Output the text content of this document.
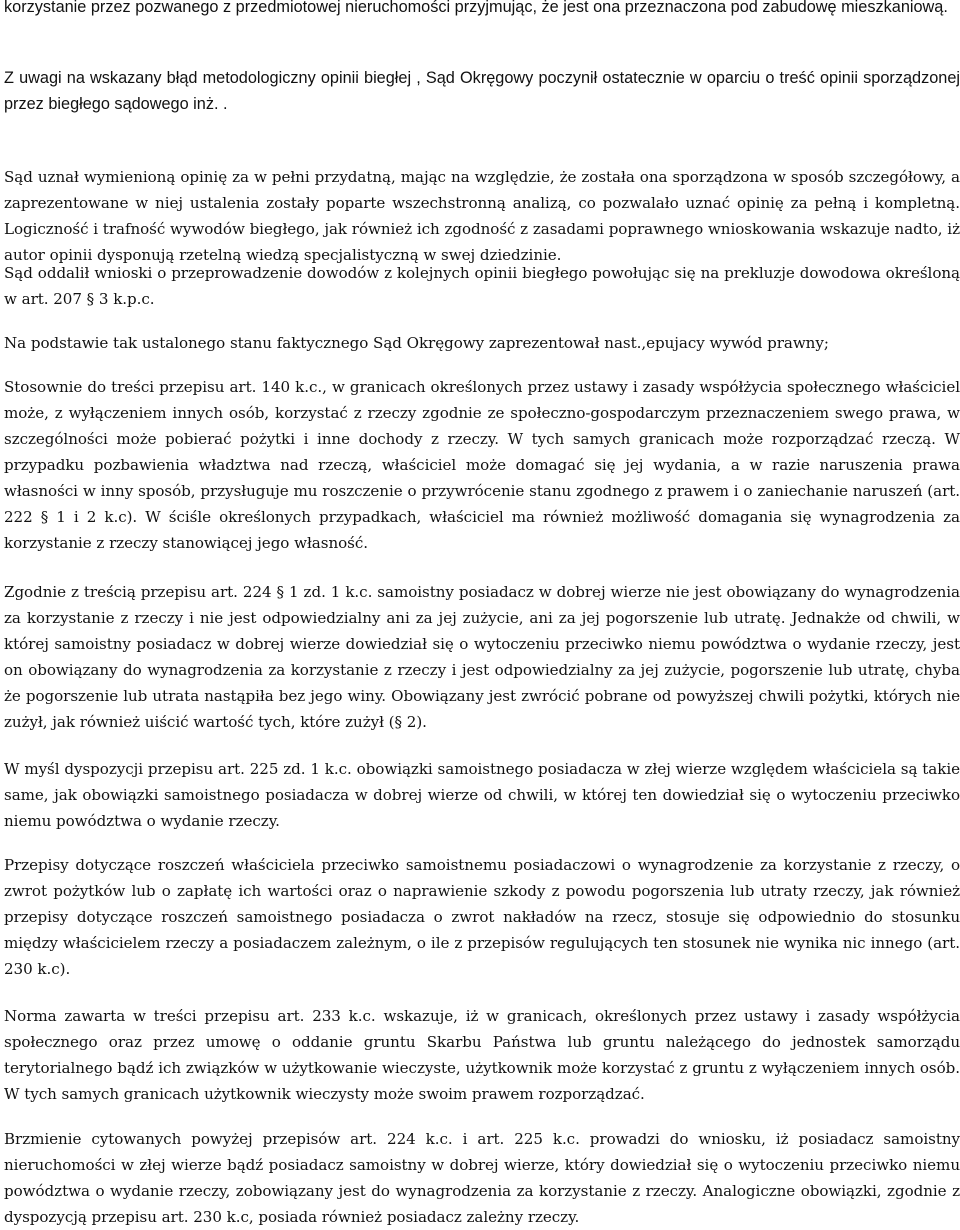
korzystanie przez pozwanego z przedmiotowej nieruchomości przyjmując, że jest ona przeznaczona pod zabudowę mieszkaniową.

Z uwagi na wskazany błąd metodologiczny opinii biegłej , Sąd Okręgowy poczynił ostatecznie w oparciu o treść opinii sporządzonej przez biegłego sądowego inż. .

Sąd uznał wymienioną opinię za w pełni przydatną, mając na względzie, że została ona sporządzona w sposób szczegółowy, a zaprezentowane w niej ustalenia zostały poparte wszechstronną analizą, co pozwalało uznać opinię za pełną i kompletną. Logiczność i trafność wywodów biegłego, jak również ich zgodność z zasadami poprawnego wnioskowania wskazuje nadto, iż autor opinii dysponują rzetelną wiedzą specjalistyczną w swej dziedzinie.

Sąd oddalił wnioski o przeprowadzenie dowodów z kolejnych opinii biegłego powołując się na prekluzje dowodowa określoną w art. 207 § 3 k.p.c.

Na podstawie tak ustalonego stanu faktycznego Sąd Okręgowy zaprezentował nast.,epujacy wywód prawny;

Stosownie do treści przepisu art. 140 k.c., w granicach określonych przez ustawy i zasady współżycia społecznego właściciel może, z wyłączeniem innych osób, korzystać z rzeczy zgodnie ze społeczno-gospodarczym przeznaczeniem swego prawa, w szczególności może pobierać pożytki i inne dochody z rzeczy. W tych samych granicach może rozporządzać rzeczą. W przypadku pozbawienia władztwa nad rzeczą, właściciel może domagać się jej wydania, a w razie naruszenia prawa własności w inny sposób, przysługuje mu roszczenie o przywrócenie stanu zgodnego z prawem i o zaniechanie naruszeń (art. 222 § 1 i 2 k.c). W ściśle określonych przypadkach, właściciel ma również możliwość domagania się wynagrodzenia za korzystanie z rzeczy stanowiącej jego własność.

Zgodnie z treścią przepisu art. 224 § 1 zd. 1 k.c. samoistny posiadacz w dobrej wierze nie jest obowiązany do wynagrodzenia za korzystanie z rzeczy i nie jest odpowiedzialny ani za jej zużycie, ani za jej pogorszenie lub utratę. Jednakże od chwili, w której samoistny posiadacz w dobrej wierze dowiedział się o wytoczeniu przeciwko niemu powództwa o wydanie rzeczy, jest on obowiązany do wynagrodzenia za korzystanie z rzeczy i jest odpowiedzialny za jej zużycie, pogorszenie lub utratę, chyba że pogorszenie lub utrata nastąpiła bez jego winy. Obowiązany jest zwrócić pobrane od powyższej chwili pożytki, których nie zużył, jak również uiścić wartość tych, które zużył (§ 2).

W myśl dyspozycji przepisu art. 225 zd. 1 k.c. obowiązki samoistnego posiadacza w złej wierze względem właściciela są takie same, jak obowiązki samoistnego posiadacza w dobrej wierze od chwili, w której ten dowiedział się o wytoczeniu przeciwko niemu powództwa o wydanie rzeczy.

Przepisy dotyczące roszczeń właściciela przeciwko samoistnemu posiadaczowi o wynagrodzenie za korzystanie z rzeczy, o zwrot pożytków lub o zapłatę ich wartości oraz o naprawienie szkody z powodu pogorszenia lub utraty rzeczy, jak również przepisy dotyczące roszczeń samoistnego posiadacza o zwrot nakładów na rzecz, stosuje się odpowiednio do stosunku między właścicielem rzeczy a posiadaczem zależnym, o ile z przepisów regulujących ten stosunek nie wynika nic innego (art. 230 k.c).

Norma zawarta w treści przepisu art. 233 k.c. wskazuje, iż w granicach, określonych przez ustawy i zasady współżycia społecznego oraz przez umowę o oddanie gruntu Skarbu Państwa lub gruntu należącego do jednostek samorządu terytorialnego bądź ich związków w użytkowanie wieczyste, użytkownik może korzystać z gruntu z wyłączeniem innych osób. W tych samych granicach użytkownik wieczysty może swoim prawem rozporządzać.

Brzmienie cytowanych powyżej przepisów art. 224 k.c. i art. 225 k.c. prowadzi do wniosku, iż posiadacz samoistny nieruchomości w złej wierze bądź posiadacz samoistny w dobrej wierze, który dowiedział się o wytoczeniu przeciwko niemu powództwa o wydanie rzeczy, zobowiązany jest do wynagrodzenia za korzystanie z rzeczy. Analogiczne obowiązki, zgodnie z dyspozycją przepisu art. 230 k.c, posiada również posiadacz zależny rzeczy.
